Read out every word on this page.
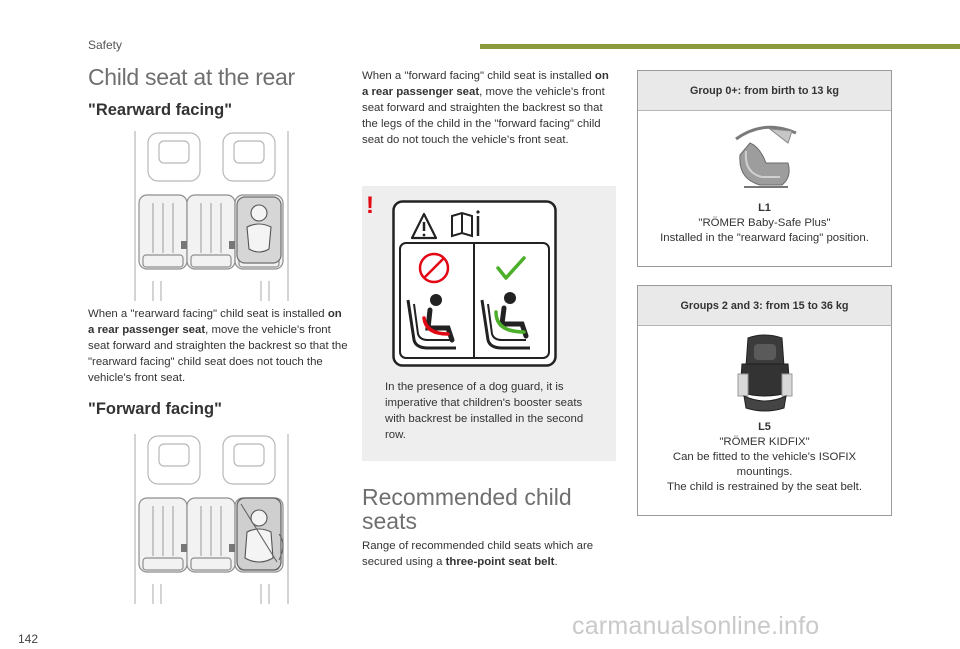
Safety
Child seat at the rear
"Rearward facing"

When a "rearward facing" child seat is installed on a rear passenger seat, move the vehicle's front seat forward and straighten the backrest so that the "rearward facing" child seat does not touch the vehicle's front seat.

"Forward facing"

When a "forward facing" child seat is installed on a rear passenger seat, move the vehicle's front seat forward and straighten the backrest so that the legs of the child in the "forward facing" child seat do not touch the vehicle's front seat.

!

In the presence of a dog guard, it is imperative that children's booster seats with backrest be installed in the second row.

Recommended child seats

Range of recommended child seats which are secured using a three-point seat belt.

Group 0+: from birth to 13 kg
L1
"RÖMER Baby-Safe Plus"
Installed in the "rearward facing" position.
Groups 2 and 3: from 15 to 36 kg
L5
"RÖMER KIDFIX"
Can be fitted to the vehicle's ISOFIX mountings.
The child is restrained by the seat belt.
142	carmanualsonline.info
